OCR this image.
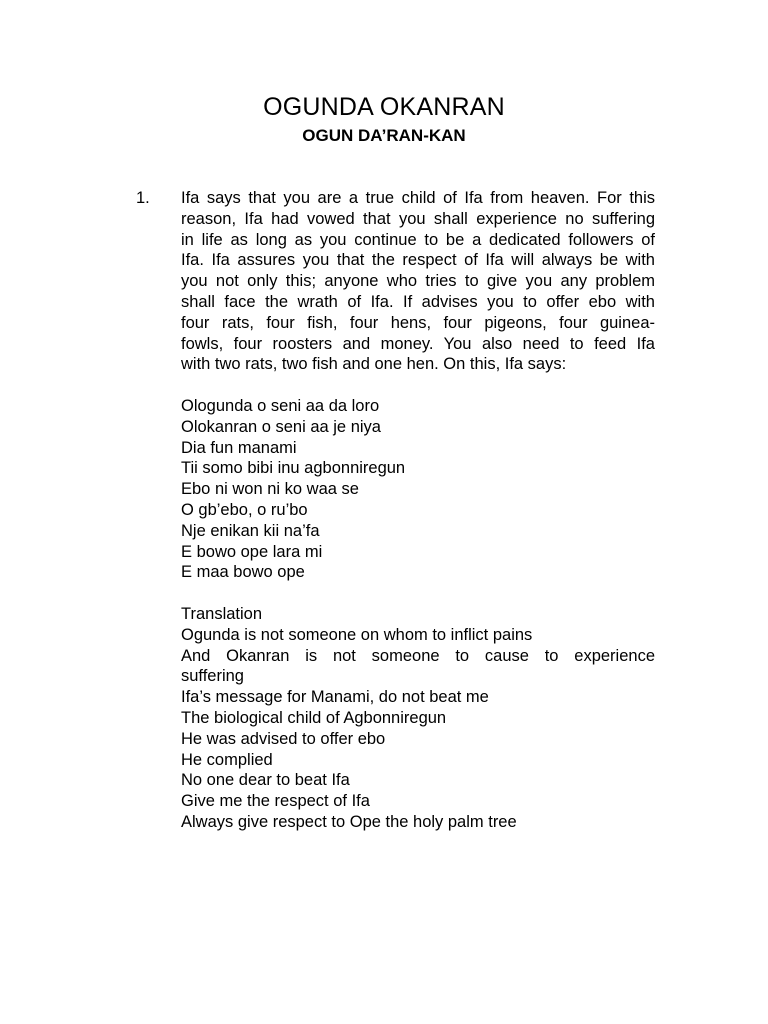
OGUNDA OKANRAN
OGUN DA’RAN-KAN
1. Ifa says that you are a true child of Ifa from heaven. For this
reason, Ifa had vowed that you shall experience no suffering
in life as long as you continue to be a dedicated followers of
Ifa. Ifa assures you that the respect of Ifa will always be with
you not only this; anyone who tries to give you any problem
shall face the wrath of Ifa. If advises you to offer ebo with
four rats, four fish, four hens, four pigeons, four guinea-
fowls, four roosters and money. You also need to feed Ifa
with two rats, two fish and one hen. On this, Ifa says:
Ologunda o seni aa da loro
Olokanran o seni aa je niya
Dia fun manami
Tii somo bibi inu agbonniregun
Ebo ni won ni ko waa se
O gb’ebo, o ru’bo
Nje enikan kii na’fa
E bowo ope lara mi
E maa bowo ope
Translation
Ogunda is not someone on whom to inflict pains
And Okanran is not someone to cause to experience
suffering
Ifa’s message for Manami, do not beat me
The biological child of Agbonniregun
He was advised to offer ebo
He complied
No one dear to beat Ifa
Give me the respect of Ifa
Always give respect to Ope the holy palm tree
